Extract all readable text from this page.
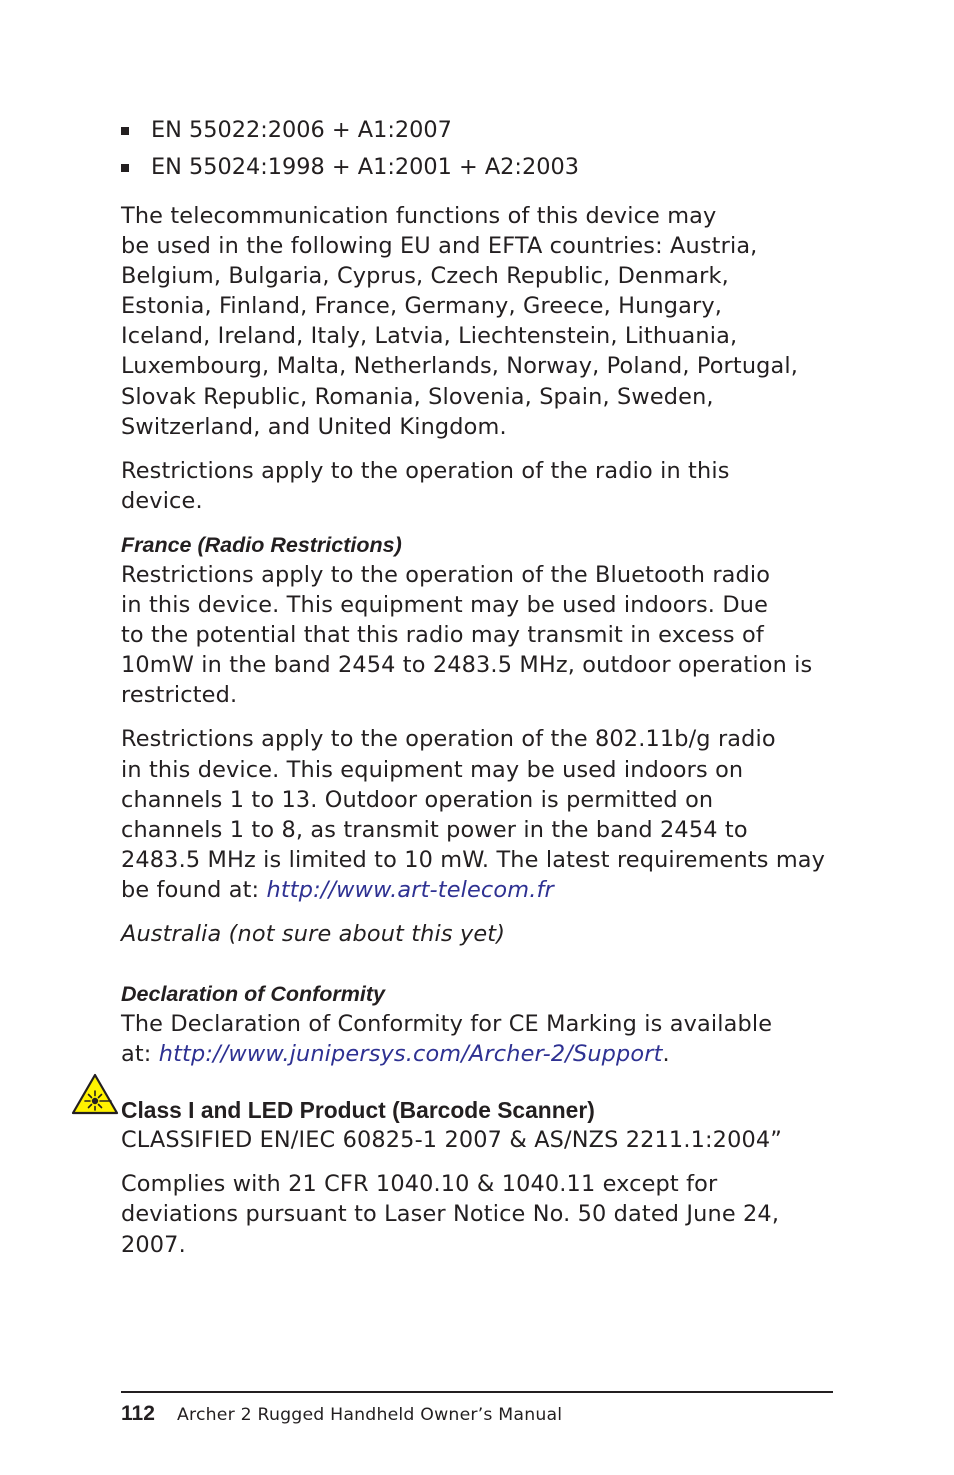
EN 55022:2006 + A1:2007
EN 55024:1998 + A1:2001 + A2:2003

The telecommunication functions of this device may
be used in the following EU and EFTA countries: Austria,
Belgium, Bulgaria, Cyprus, Czech Republic, Denmark,
Estonia, Finland, France, Germany, Greece, Hungary,
Iceland, Ireland, Italy, Latvia, Liechtenstein, Lithuania,
Luxembourg, Malta, Netherlands, Norway, Poland, Portugal,
Slovak Republic, Romania, Slovenia, Spain, Sweden,
Switzerland, and United Kingdom.

Restrictions apply to the operation of the radio in this
device.

France (Radio Restrictions)

Restrictions apply to the operation of the Bluetooth radio
in this device. This equipment may be used indoors. Due
to the potential that this radio may transmit in excess of
10mW in the band 2454 to 2483.5 MHz, outdoor operation is
restricted.

Restrictions apply to the operation of the 802.11b/g radio
in this device. This equipment may be used indoors on
channels 1 to 13. Outdoor operation is permitted on
channels 1 to 8, as transmit power in the band 2454 to
2483.5 MHz is limited to 10 mW. The latest requirements may
be found at: http://www.art-telecom.fr

Australia (not sure about this yet)

Declaration of Conformity

The Declaration of Conformity for CE Marking is available
at: http://www.junipersys.com/Archer-2/Support.

Class I and LED Product (Barcode Scanner)

CLASSIFIED EN/IEC 60825-1 2007 & AS/NZS 2211.1:2004”

Complies with 21 CFR 1040.10 & 1040.11 except for
deviations pursuant to Laser Notice No. 50 dated June 24,
2007.

112 Archer 2 Rugged Handheld Owner’s Manual
